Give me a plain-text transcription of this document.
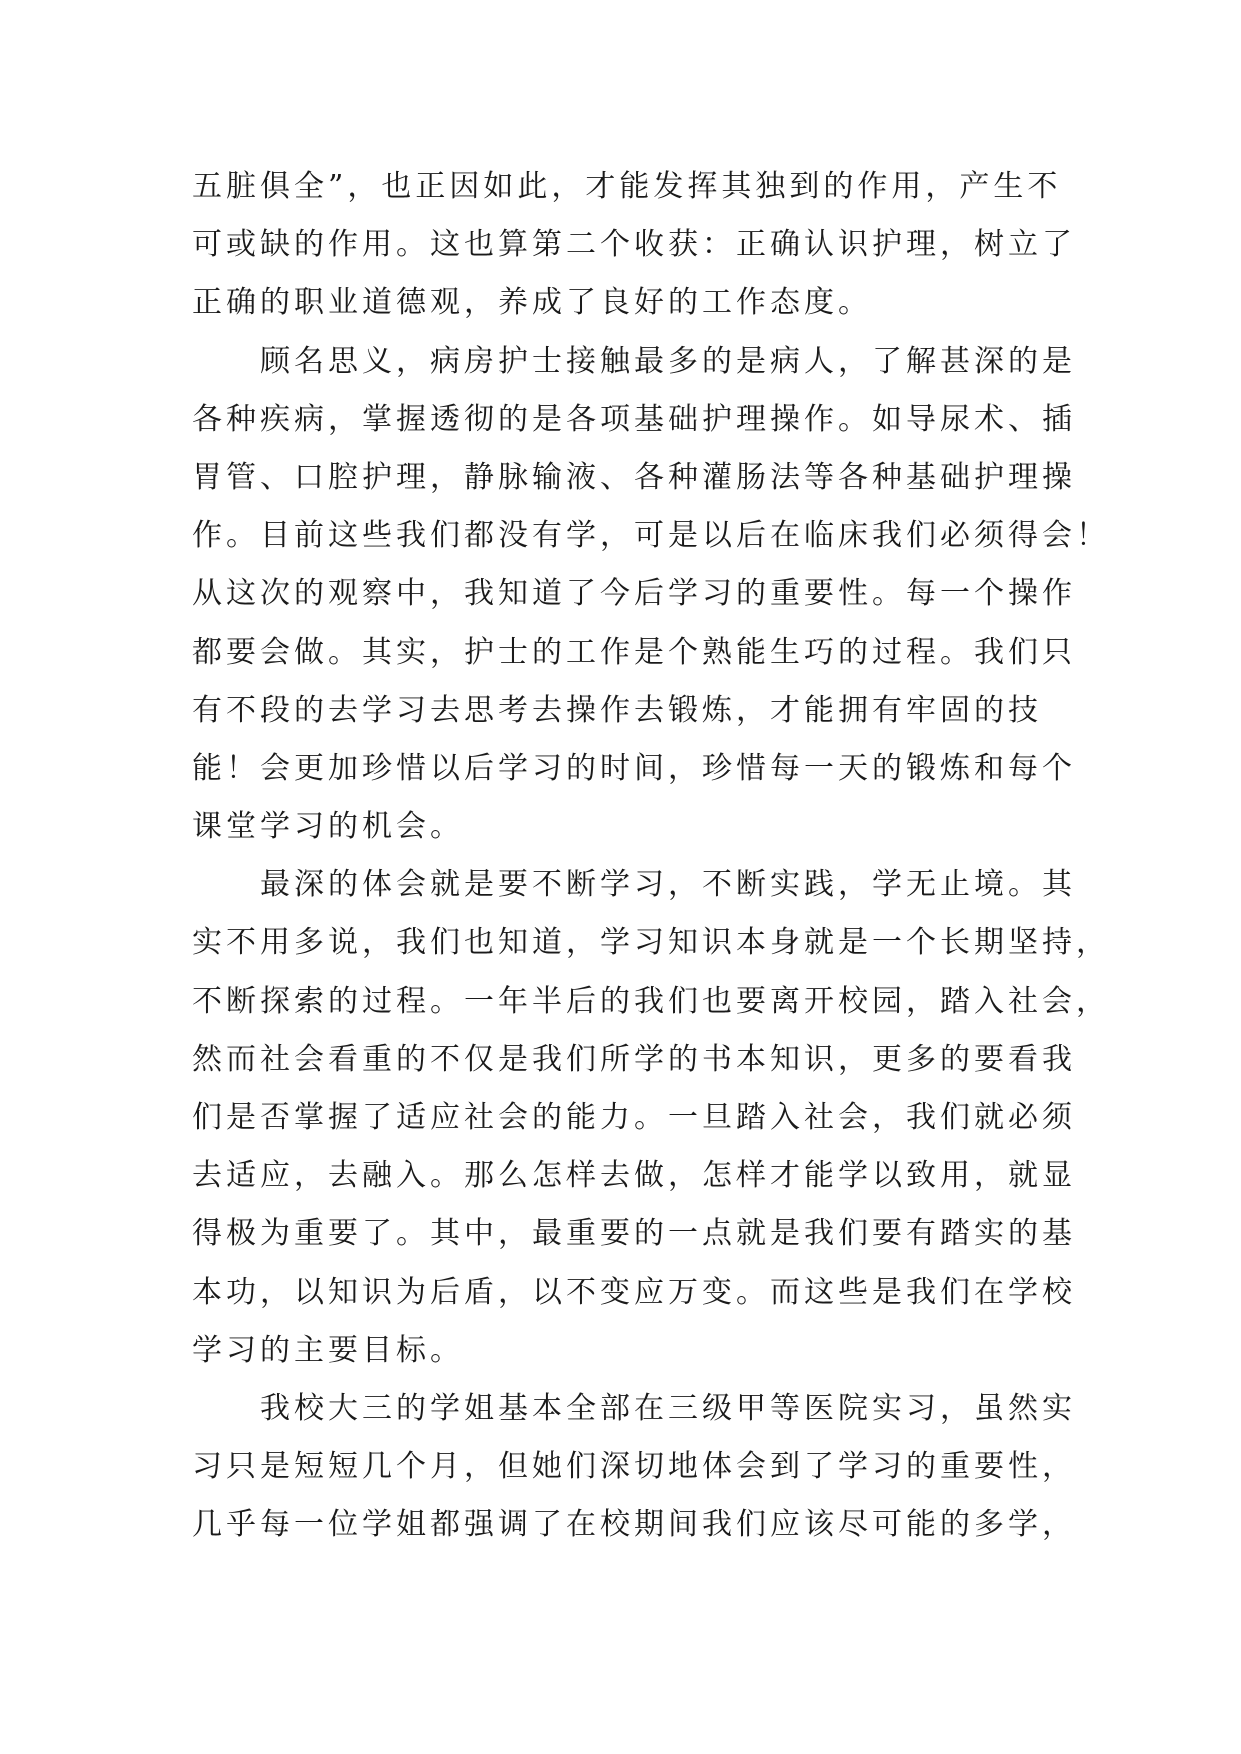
五脏俱全”，也正因如此，才能发挥其独到的作用，产生不
可或缺的作用。这也算第二个收获：正确认识护理，树立了
正确的职业道德观，养成了良好的工作态度。

　　顾名思义，病房护士接触最多的是病人，了解甚深的是
各种疾病，掌握透彻的是各项基础护理操作。如导尿术、插
胃管、口腔护理，静脉输液、各种灌肠法等各种基础护理操
作。目前这些我们都没有学，可是以后在临床我们必须得会！
从这次的观察中，我知道了今后学习的重要性。每一个操作
都要会做。其实，护士的工作是个熟能生巧的过程。我们只
有不段的去学习去思考去操作去锻炼，才能拥有牢固的技
能！会更加珍惜以后学习的时间，珍惜每一天的锻炼和每个
课堂学习的机会。

　　最深的体会就是要不断学习，不断实践，学无止境。其
实不用多说，我们也知道，学习知识本身就是一个长期坚持，
不断探索的过程。一年半后的我们也要离开校园，踏入社会，
然而社会看重的不仅是我们所学的书本知识，更多的要看我
们是否掌握了适应社会的能力。一旦踏入社会，我们就必须
去适应，去融入。那么怎样去做，怎样才能学以致用，就显
得极为重要了。其中，最重要的一点就是我们要有踏实的基
本功，以知识为后盾，以不变应万变。而这些是我们在学校
学习的主要目标。

　　我校大三的学姐基本全部在三级甲等医院实习，虽然实
习只是短短几个月，但她们深切地体会到了学习的重要性，
几乎每一位学姐都强调了在校期间我们应该尽可能的多学，
